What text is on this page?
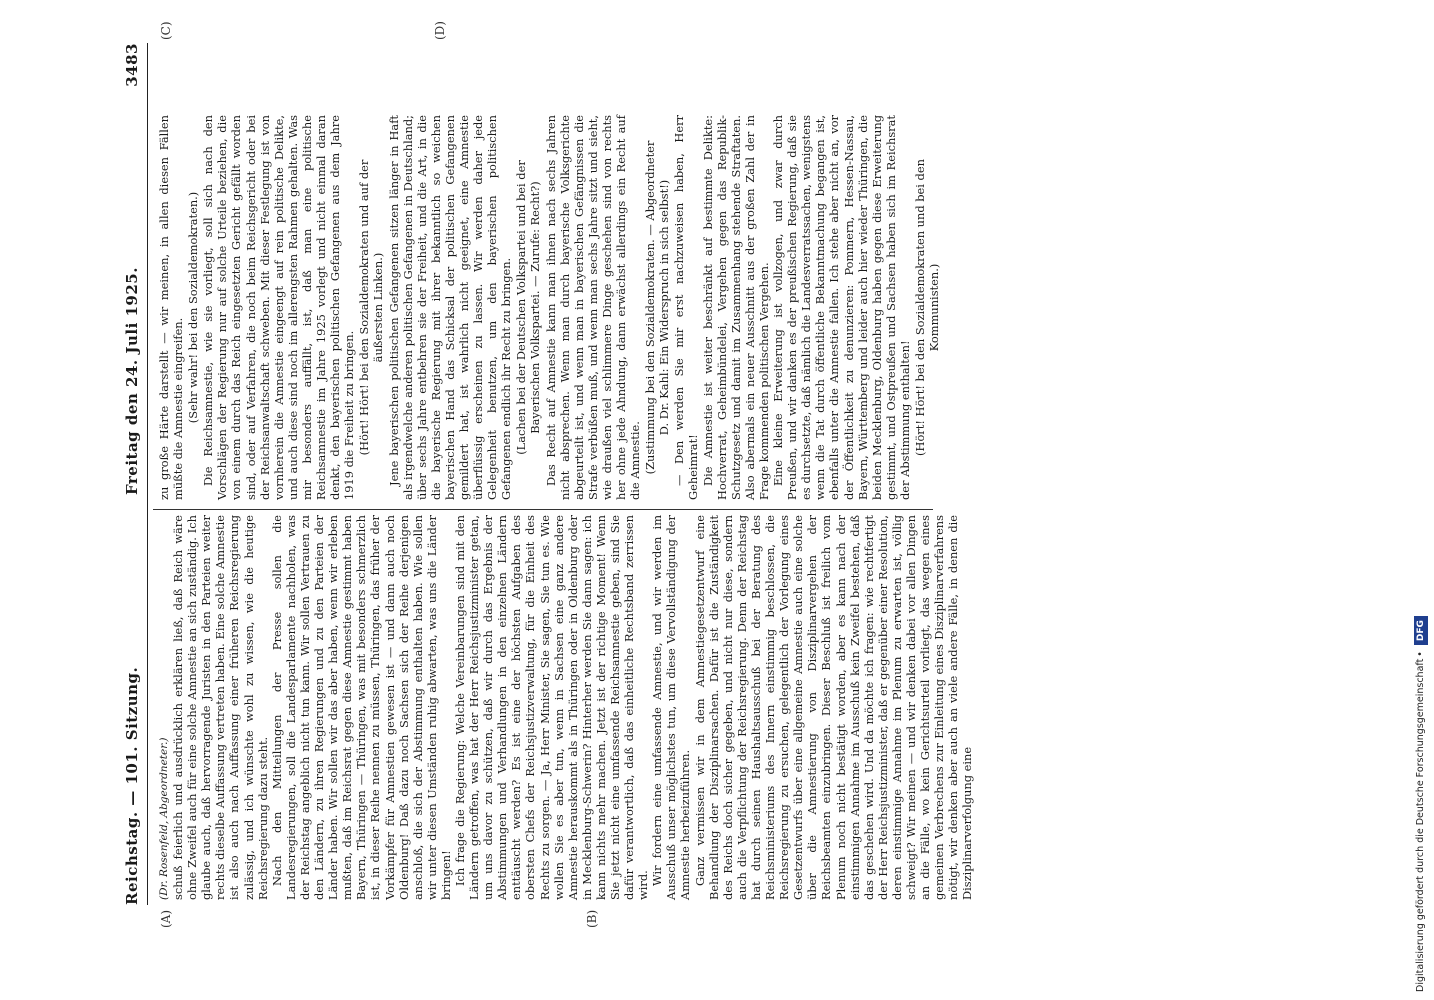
Reichstag. — 101. Sitzung.
Freitag den 24. Juli 1925.
3483
(A)	(B)
(C)	(D)

(Dr. Rosenfeld, Abgeordneter.) schuß feierlich und ausdrücklich erklären ließ, daß Reich wäre ohne Zweifel auch für eine solche Amnestie an sich zuständig. Ich glaube auch, daß hervorragende Juristen in den Parteien weiter rechts dieselbe Auffassung vertreten haben. Eine solche Amnestie ist also auch nach Auffassung einer früheren Reichsregierung zulässig, und ich wünschte wohl zu wissen, wie die heutige Reichsregierung dazu steht. Nach den Mitteilungen der Presse sollen die Landesregierungen, soll die Landesparlamente nachholen, was der Reichstag angeblich nicht tun kann. Wir sollen Vertrauen zu den Ländern, zu ihren Regierungen und zu den Parteien der Länder haben. Wir sollen wir das aber haben, wenn wir erleben mußten, daß im Reichsrat gegen diese Amnestie gestimmt haben Bayern, Thüringen — Thüringen, was mit besonders schmerzlich ist, in dieser Reihe nennen zu müssen, Thüringen, das früher der Vorkämpfer für Amnestien gewesen ist — und dann auch noch Oldenburg! Daß dazu noch Sachsen sich der Reihe derjenigen anschloß, die sich der Abstimmung enthalten haben. Wie sollen wir unter diesen Umständen ruhig abwarten, was uns die Länder bringen! Ich frage die Regierung: Welche Vereinbarungen sind mit den Ländern getroffen, was hat der Herr Reichsjustizminister getan, um uns davor zu schützen, daß wir durch das Ergebnis der Abstimmungen und Verhandlungen in den einzelnen Ländern enttäuscht werden? Es ist eine der höchsten Aufgaben des obersten Chefs der Reichsjustizverwaltung, für die Einheit des Rechts zu sorgen. — Ja, Herr Minister, Sie sagen, Sie tun es. Wie wollen Sie es aber tun, wenn in Sachsen eine ganz andere Amnestie herauskommt als in Thüringen oder in Oldenburg oder in Mecklenburg-Schwerin? Hinterher werden Sie dann sagen: ich kann nichts mehr machen. Jetzt ist der richtige Moment! Wenn Sie jetzt nicht eine umfassende Reichsamnestie geben, sind Sie dafür verantwortlich, daß das einheitliche Rechtsband zerrissen wird. Wir fordern eine umfassende Amnestie, und wir werden im Ausschuß unser möglichstes tun, um diese Vervollständigung der Amnestie herbeizuführen. Ganz vermissen wir in dem Amnestiegesetzentwurf eine Behandlung der Disziplinarsachen. Dafür ist die Zuständigkeit des Reichs doch sicher gegeben, und nicht nur diese, sondern auch die Verpflichtung der Reichsregierung. Denn der Reichstag hat durch seinen Haushaltsausschuß bei der Beratung des Reichsministeriums des Innern einstimmig beschlossen, die Reichsregierung zu ersuchen, gelegentlich der Vorlegung eines Gesetzentwurfs über eine allgemeine Amnestie auch eine solche über die Amnestierung von Disziplinarvergehen der Reichsbeamten einzubringen. Dieser Beschluß ist freilich vom Plenum noch nicht bestätigt worden, aber es kann nach der einstimmigen Annahme im Ausschuß kein Zweifel bestehen, daß das geschehen wird. Und da möchte ich fragen: wie rechtfertigt der Herr Reichsjustizminister, daß er gegenüber einer Resolution, deren einstimmige Annahme im Plenum zu erwarten ist, völlig schweigt? Wir meinen — und wir denken dabei vor allen Dingen an die Fälle, wo kein Gerichtsurteil vorliegt, das wegen eines gemeinen Verbrechens zur Einleitung eines Disziplinarverfahrens nötigt, wir denken aber auch an viele andere Fälle, in denen die Disziplinarverfolgung eine

zu große Härte darstellt — wir meinen, in allen diesen Fällen müßte die Amnestie eingreifen. (Sehr wahr! bei den Sozialdemokraten.) Die Reichsamnestie, wie sie vorliegt, soll sich nach den Vorschlägen der Regierung nur auf solche Urteile beziehen, die von einem durch das Reich eingesetzten Gericht gefällt worden sind, oder auf Verfahren, die noch beim Reichsgericht oder bei der Reichsanwaltschaft schweben. Mit dieser Festlegung ist von vornherein die Amnestie eingeengt auf rein politische Delikte, und auch diese sind noch im allerengsten Rahmen gehalten. Was mir besonders auffällt, ist, daß man eine politische Reichsamnestie im Jahre 1925 vorlegt und nicht einmal daran denkt, den bayerischen politischen Gefangenen aus dem Jahre 1919 die Freiheit zu bringen. (Hört! Hört! bei den Sozialdemokraten und auf der äußersten Linken.) Jene bayerischen politischen Gefangenen sitzen länger in Haft als irgendwelche anderen politischen Gefangenen in Deutschland; über sechs Jahre entbehren sie der Freiheit, und die Art, in die die bayerische Regierung mit ihrer bekanntlich so weichen bayerischen Hand das Schicksal der politischen Gefangenen gemildert hat, ist wahrlich nicht geeignet, eine Amnestie überflüssig erscheinen zu lassen. Wir werden daher jede Gelegenheit benutzen, um den bayerischen politischen Gefangenen endlich ihr Recht zu bringen. (Lachen bei der Deutschen Volkspartei und bei der Bayerischen Volkspartei. — Zurufe: Recht?) Das Recht auf Amnestie kann man ihnen nach sechs Jahren nicht absprechen. Wenn man durch bayerische Volksgerichte abgeurteilt ist, und wenn man in bayerischen Gefängnissen die Strafe verbüßen muß, und wenn man sechs Jahre sitzt und sieht, wie draußen viel schlimmere Dinge geschehen sind von rechts her ohne jede Ahndung, dann erwächst allerdings ein Recht auf die Amnestie. (Zustimmung bei den Sozialdemokraten. — Abgeordneter D. Dr. Kahl: Ein Widerspruch in sich selbst!) — Den werden Sie mir erst nachzuweisen haben, Herr Geheimrat! Die Amnestie ist weiter beschränkt auf bestimmte Delikte: Hochverrat, Geheimbündelei, Vergehen gegen das Republik-Schutzgesetz und damit im Zusammenhang stehende Straftaten. Also abermals ein neuer Ausschnitt aus der großen Zahl der in Frage kommenden politischen Vergehen. Eine kleine Erweiterung ist vollzogen, und zwar durch Preußen, und wir danken es der preußischen Regierung, daß sie es durchsetzte, daß nämlich die Landesverratssachen, wenigstens wenn die Tat durch öffentliche Bekanntmachung begangen ist, ebenfalls unter die Amnestie fallen. Ich stehe aber nicht an, vor der Öffentlichkeit zu denunzieren: Pommern, Hessen-Nassau, Bayern, Württemberg und leider auch hier wieder Thüringen, die beiden Mecklenburg, Oldenburg haben gegen diese Erweiterung gestimmt, und Ostpreußen und Sachsen haben sich im Reichsrat der Abstimmung enthalten! (Hört! Hört! bei den Sozialdemokraten und bei den Kommunisten.)

Digitalisierung gefördert durch die Deutsche Forschungsgemeinschaft•DFG
